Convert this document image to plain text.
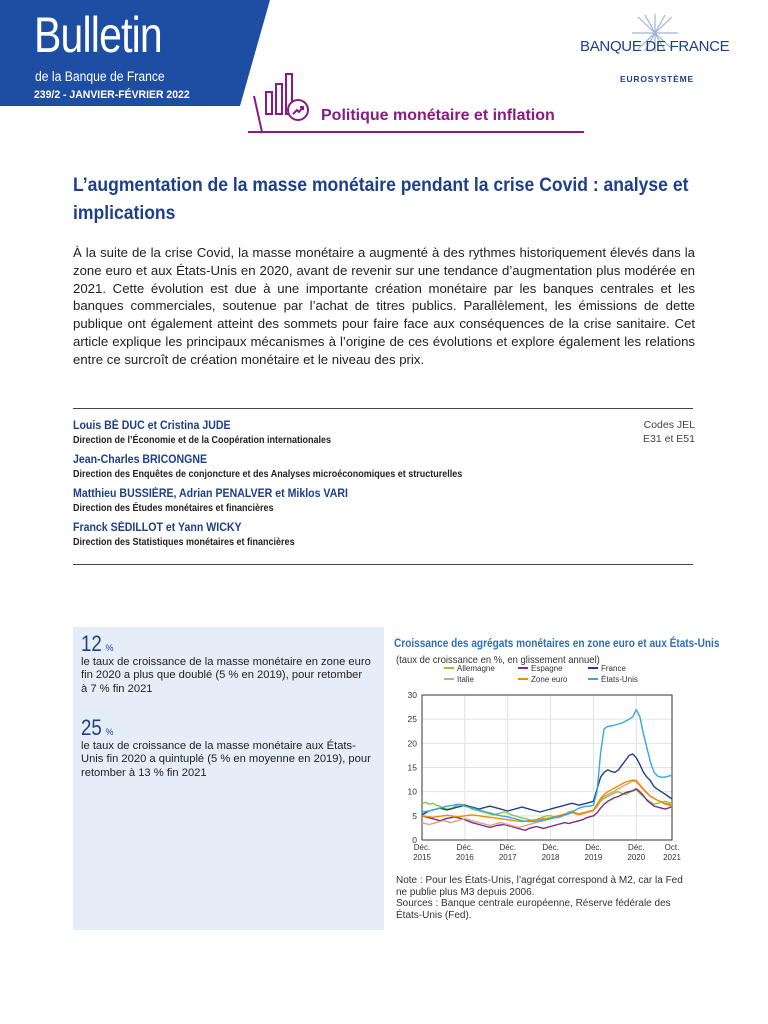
Bulletin
de la Banque de France
239/2 - JANVIER-FÉVRIER 2022
BANQUE DE FRANCE
EUROSYSTÈME
Politique monétaire et inflation
L’augmentation de la masse monétaire pendant la crise Covid : analyse et implications

À la suite de la crise Covid, la masse monétaire a augmenté à des rythmes historiquement élevés dans la zone euro et aux États-Unis en 2020, avant de revenir sur une tendance d’augmentation plus modérée en 2021. Cette évolution est due à une importante création monétaire par les banques centrales et les banques commerciales, soutenue par l’achat de titres publics. Parallèlement, les émissions de dette publique ont également atteint des sommets pour faire face aux conséquences de la crise sanitaire. Cet article explique les principaux mécanismes à l’origine de ces évolutions et explore également les relations entre ce surcroît de création monétaire et le niveau des prix.

Louis BÉ DUC et Cristina JUDE
Direction de l’Économie et de la Coopération internationales
Jean-Charles BRICONGNE
Direction des Enquêtes de conjoncture et des Analyses microéconomiques et structurelles
Matthieu BUSSIÈRE, Adrian PENALVER et Miklos VARI
Direction des Études monétaires et financières
Franck SÉDILLOT et Yann WICKY
Direction des Statistiques monétaires et financières
Codes JEL
E31 et E51
12 %
le taux de croissance de la masse monétaire en zone euro fin 2020 a plus que doublé (5 % en 2019), pour retomber à 7 % fin 2021
25 %
le taux de croissance de la masse monétaire aux États-Unis fin 2020 a quintuplé (5 % en moyenne en 2019), pour retomber à 13 % fin 2021
Croissance des agrégats monétaires en zone euro et aux États-Unis
(taux de croissance en %, en glissement annuel)
Allemagne	Espagne	France
Italie	Zone euro	États-Unis
0
5
10
15
20
25
30
Déc.
2015
Déc.
2016
Déc.
2017
Déc.
2018
Déc.
2019
Déc.
2020
Oct.
2021
Note : Pour les États-Unis, l’agrégat correspond à M2, car la Fed ne publie plus M3 depuis 2006.
Sources : Banque centrale européenne, Réserve fédérale des États-Unis (Fed).
